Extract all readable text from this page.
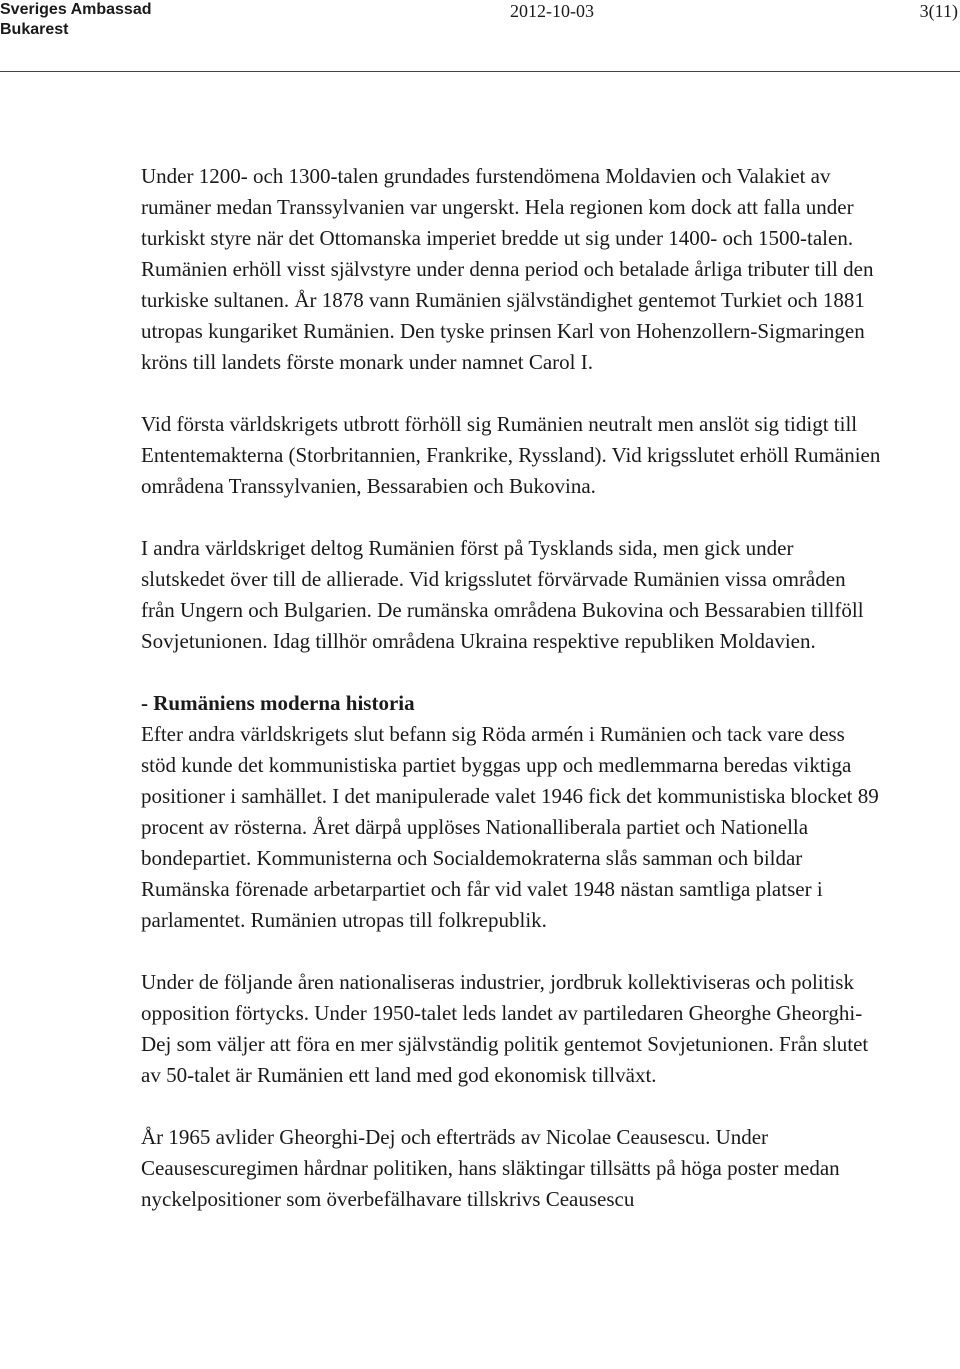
Sveriges Ambassad
Bukarest
2012-10-03	3(11)

Under 1200- och 1300-talen grundades furstendömena Moldavien och Valakiet av rumäner medan Transsylvanien var ungerskt. Hela regionen kom dock att falla under turkiskt styre när det Ottomanska imperiet bredde ut sig under 1400- och 1500-talen. Rumänien erhöll visst självstyre under denna period och betalade årliga tributer till den turkiske sultanen. År 1878 vann Rumänien självständighet gentemot Turkiet och 1881 utropas kungariket Rumänien. Den tyske prinsen Karl von Hohenzollern-Sigmaringen kröns till landets förste monark under namnet Carol I.

Vid första världskrigets utbrott förhöll sig Rumänien neutralt men anslöt sig tidigt till Ententemakterna (Storbritannien, Frankrike, Ryssland). Vid krigsslutet erhöll Rumänien områdena Transsylvanien, Bessarabien och Bukovina.

I andra världskriget deltog Rumänien först på Tysklands sida, men gick under slutskedet över till de allierade. Vid krigsslutet förvärvade Rumänien vissa områden från Ungern och Bulgarien. De rumänska områdena Bukovina och Bessarabien tillföll Sovjetunionen. Idag tillhör områdena Ukraina respektive republiken Moldavien.

- Rumäniens moderna historia

Efter andra världskrigets slut befann sig Röda armén i Rumänien och tack vare dess stöd kunde det kommunistiska partiet byggas upp och medlemmarna beredas viktiga positioner i samhället. I det manipulerade valet 1946 fick det kommunistiska blocket 89 procent av rösterna. Året därpå upplöses Nationalliberala partiet och Nationella bondepartiet. Kommunisterna och Socialdemokraterna slås samman och bildar Rumänska förenade arbetarpartiet och får vid valet 1948 nästan samtliga platser i parlamentet. Rumänien utropas till folkrepublik.

Under de följande åren nationaliseras industrier, jordbruk kollektiviseras och politisk opposition förtycks. Under 1950-talet leds landet av partiledaren Gheorghe Gheorghi-Dej som väljer att föra en mer självständig politik gentemot Sovjetunionen. Från slutet av 50-talet är Rumänien ett land med god ekonomisk tillväxt.

År 1965 avlider Gheorghi-Dej och efterträds av Nicolae Ceausescu. Under Ceausescuregimen hårdnar politiken, hans släktingar tillsätts på höga poster medan nyckelpositioner som överbefälhavare tillskrivs Ceausescu
